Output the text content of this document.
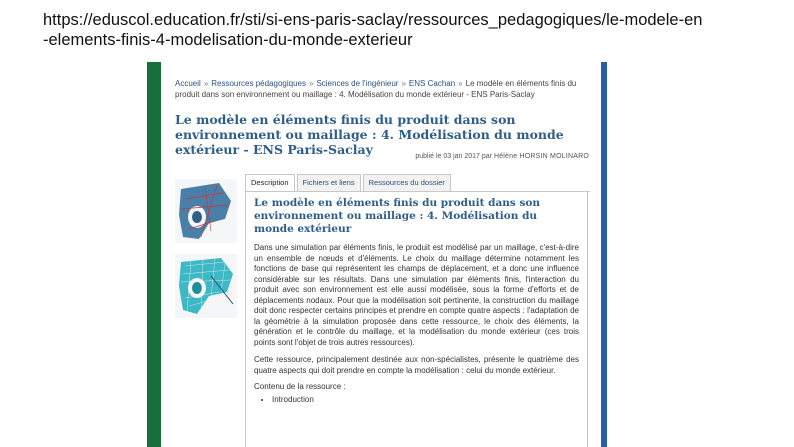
https://eduscol.education.fr/sti/si-ens-paris-saclay/ressources_pedagogiques/le-modele-en
-elements-finis-4-modelisation-du-monde-exterieur
Accueil » Ressources pédagogiques » Sciences de l'ingénieur » ENS Cachan » Le modèle en éléments finis du produit dans son environnement ou maillage : 4. Modélisation du monde extérieur - ENS Paris-Saclay
Le modèle en éléments finis du produit dans son environnement ou maillage : 4. Modélisation du monde extérieur - ENS Paris-Saclay	publié le 03 jan 2017 par Hélène HORSIN MOLINARO

Description	Fichiers et liens	Ressources du dossier
Le modèle en éléments finis du produit dans son environnement ou maillage : 4. Modélisation du monde extérieur

Dans une simulation par éléments finis, le produit est modélisé par un maillage, c'est-à-dire un ensemble de nœuds et d'éléments. Le choix du maillage détermine notamment les fonctions de base qui représentent les champs de déplacement, et a donc une influence considérable sur les résultats. Dans une simulation par éléments finis, l'interaction du produit avec son environnement est elle aussi modélisée, sous la forme d'efforts et de déplacements nodaux. Pour que la modélisation soit pertinente, la construction du maillage doit donc respecter certains principes et prendre en compte quatre aspects : l'adaptation de la géométrie à la simulation proposée dans cette ressource, le choix des éléments, la génération et le contrôle du maillage, et la modélisation du monde extérieur (ces trois points sont l'objet de trois autres ressources).

Cette ressource, principalement destinée aux non-spécialistes, présente le quatrième des quatre aspects qui doit prendre en compte la modélisation : celui du monde extérieur.

Contenu de la ressource :

• Introduction
